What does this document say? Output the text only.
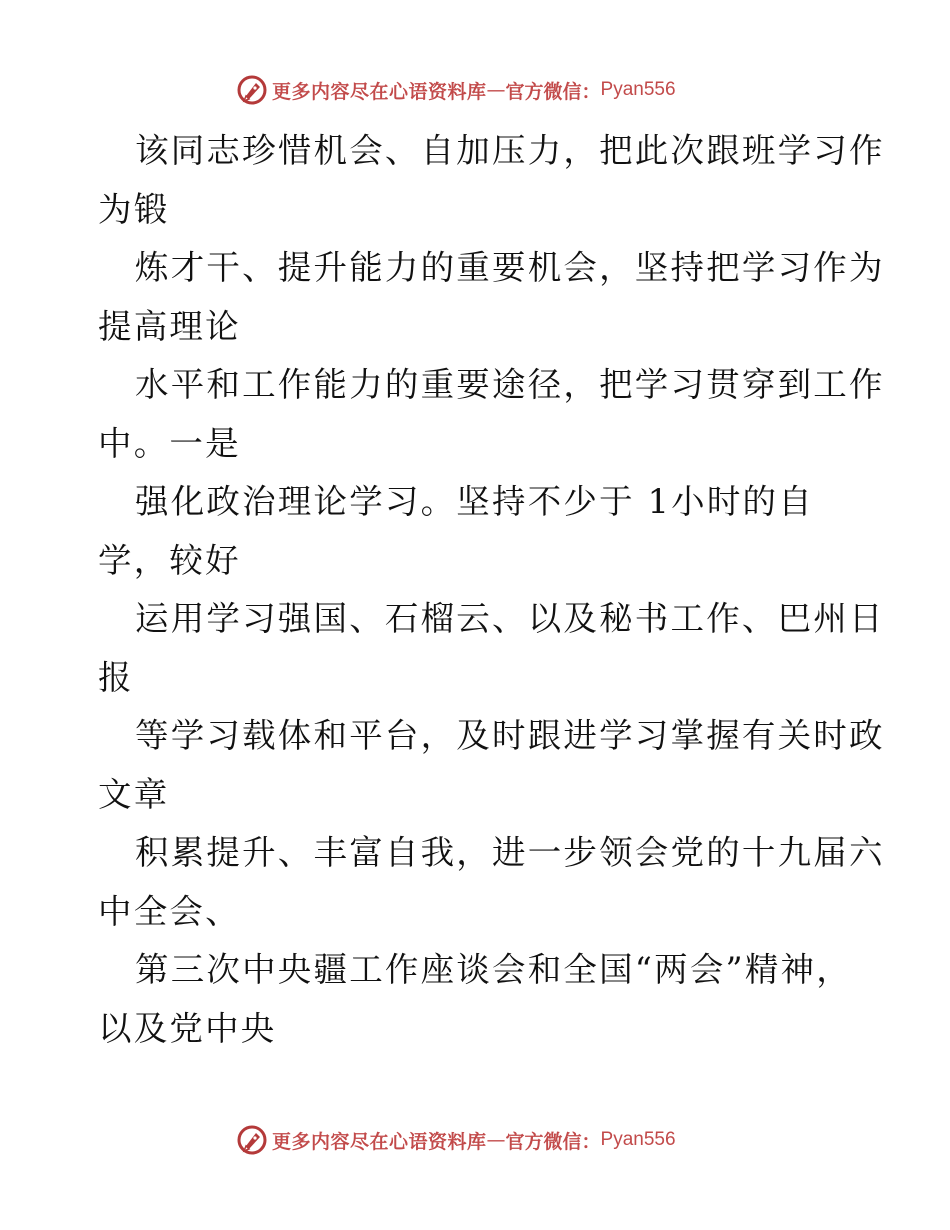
更多内容尽在心语资料库 — 官方微信： Pyan556
该同志珍惜机会、自加压力，把此次跟班学习作
为锻
炼才干、提升能力的重要机会，坚持把学习作为
提高理论
水平和工作能力的重要途径，把学习贯穿到工作
中。一是
强化政治理论学习。坚持不少于 1小时的自
学，较好
运用学习强国、石榴云、以及秘书工作、巴州日
报
等学习载体和平台，及时跟进学习掌握有关时政
文章
积累提升、丰富自我，进一步领会党的十九届六
中全会、
第三次中央疆工作座谈会和全国“两会”精神，
以及党中央
更多内容尽在心语资料库 — 官方微信： Pyan556
